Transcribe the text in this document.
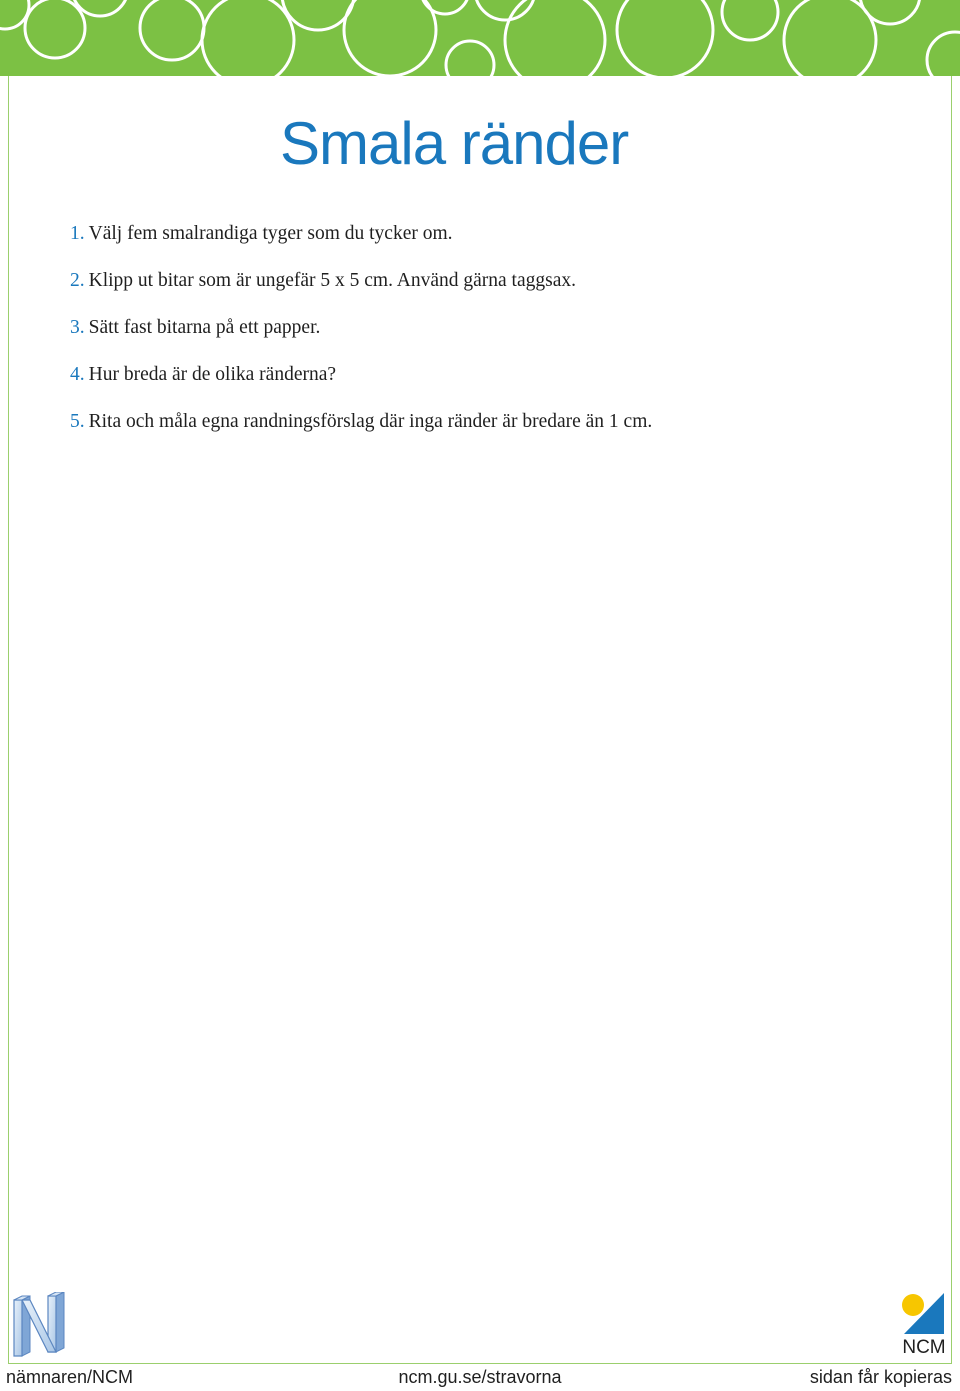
Smala ränder
1. Välj fem smalrandiga tyger som du tycker om.
2. Klipp ut bitar som är ungefär 5 x 5 cm. Använd gärna taggsax.
3. Sätt fast bitarna på ett papper.
4. Hur breda är de olika ränderna?
5. Rita och måla egna randningsförslag där inga ränder är bredare än 1 cm.
NCM
nämnaren/NCM	ncm.gu.se/stravorna	sidan får kopieras
